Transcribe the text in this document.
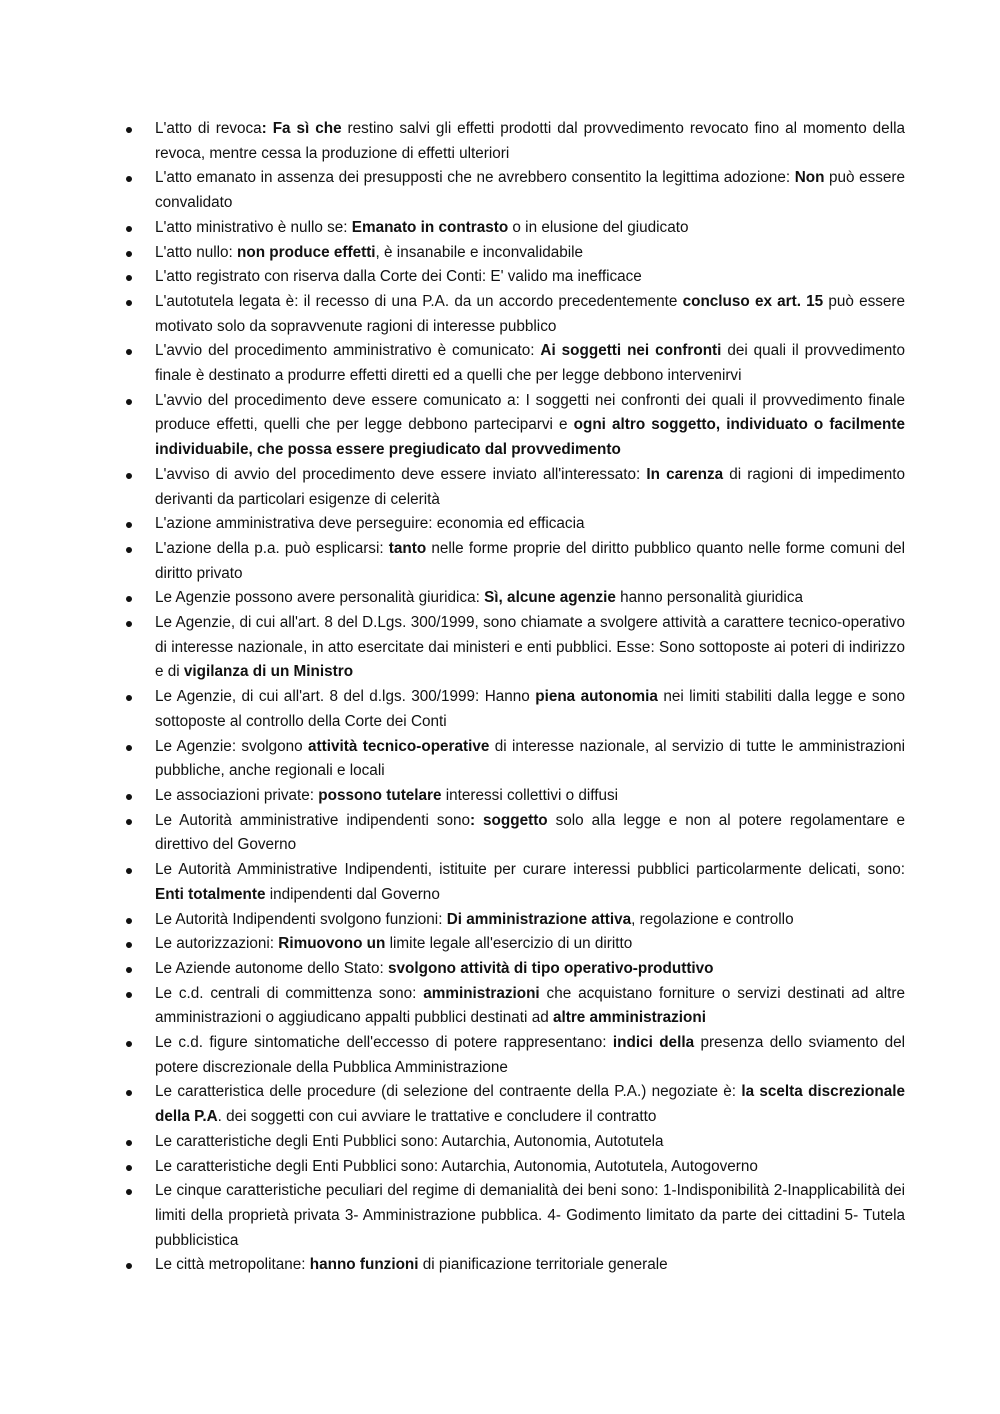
L'atto di revoca: Fa sì che restino salvi gli effetti prodotti dal provvedimento revocato fino al momento della revoca, mentre cessa la produzione di effetti ulteriori
L'atto emanato in assenza dei presupposti che ne avrebbero consentito la legittima adozione: Non può essere convalidato
L'atto ministrativo è nullo se: Emanato in contrasto o in elusione del giudicato
L'atto nullo: non produce effetti, è insanabile e inconvalidabile
L'atto registrato con riserva dalla Corte dei Conti: E' valido ma inefficace
L'autotutela legata è: il recesso di una P.A. da un accordo precedentemente concluso ex art. 15 può essere motivato solo da sopravvenute ragioni di interesse pubblico
L'avvio del procedimento amministrativo è comunicato: Ai soggetti nei confronti dei quali il provvedimento finale è destinato a produrre effetti diretti ed a quelli che per legge debbono intervenirvi
L'avvio del procedimento deve essere comunicato a: I soggetti nei confronti dei quali il provvedimento finale produce effetti, quelli che per legge debbono parteciparvi e ogni altro soggetto, individuato o facilmente individuabile, che possa essere pregiudicato dal provvedimento
L'avviso di avvio del procedimento deve essere inviato all'interessato: In carenza di ragioni di impedimento derivanti da particolari esigenze di celerità
L'azione amministrativa deve perseguire: economia ed efficacia
L'azione della p.a. può esplicarsi: tanto nelle forme proprie del diritto pubblico quanto nelle forme comuni del diritto privato
Le Agenzie possono avere personalità giuridica: Sì, alcune agenzie hanno personalità giuridica
Le Agenzie, di cui all'art. 8 del D.Lgs. 300/1999, sono chiamate a svolgere attività a carattere tecnico-operativo di interesse nazionale, in atto esercitate dai ministeri e enti pubblici. Esse: Sono sottoposte ai poteri di indirizzo e di vigilanza di un Ministro
Le Agenzie, di cui all'art. 8 del d.lgs. 300/1999: Hanno piena autonomia nei limiti stabiliti dalla legge e sono sottoposte al controllo della Corte dei Conti
Le Agenzie: svolgono attività tecnico-operative di interesse nazionale, al servizio di tutte le amministrazioni pubbliche, anche regionali e locali
Le associazioni private: possono tutelare interessi collettivi o diffusi
Le Autorità amministrative indipendenti sono: soggetto solo alla legge e non al potere regolamentare e direttivo del Governo
Le Autorità Amministrative Indipendenti, istituite per curare interessi pubblici particolarmente delicati, sono: Enti totalmente indipendenti dal Governo
Le Autorità Indipendenti svolgono funzioni: Di amministrazione attiva, regolazione e controllo
Le autorizzazioni: Rimuovono un limite legale all'esercizio di un diritto
Le Aziende autonome dello Stato: svolgono attività di tipo operativo-produttivo
Le c.d. centrali di committenza sono: amministrazioni che acquistano forniture o servizi destinati ad altre amministrazioni o aggiudicano appalti pubblici destinati ad altre amministrazioni
Le c.d. figure sintomatiche dell'eccesso di potere rappresentano: indici della presenza dello sviamento del potere discrezionale della Pubblica Amministrazione
Le caratteristica delle procedure (di selezione del contraente della P.A.) negoziate è: la scelta discrezionale della P.A. dei soggetti con cui avviare le trattative e concludere il contratto
Le caratteristiche degli Enti Pubblici sono: Autarchia, Autonomia, Autotutela
Le caratteristiche degli Enti Pubblici sono: Autarchia, Autonomia, Autotutela, Autogoverno
Le cinque caratteristiche peculiari del regime di demanialità dei beni sono: 1-Indisponibilità 2-Inapplicabilità dei limiti della proprietà privata 3- Amministrazione pubblica. 4- Godimento limitato da parte dei cittadini 5- Tutela pubblicistica
Le città metropolitane: hanno funzioni di pianificazione territoriale generale
